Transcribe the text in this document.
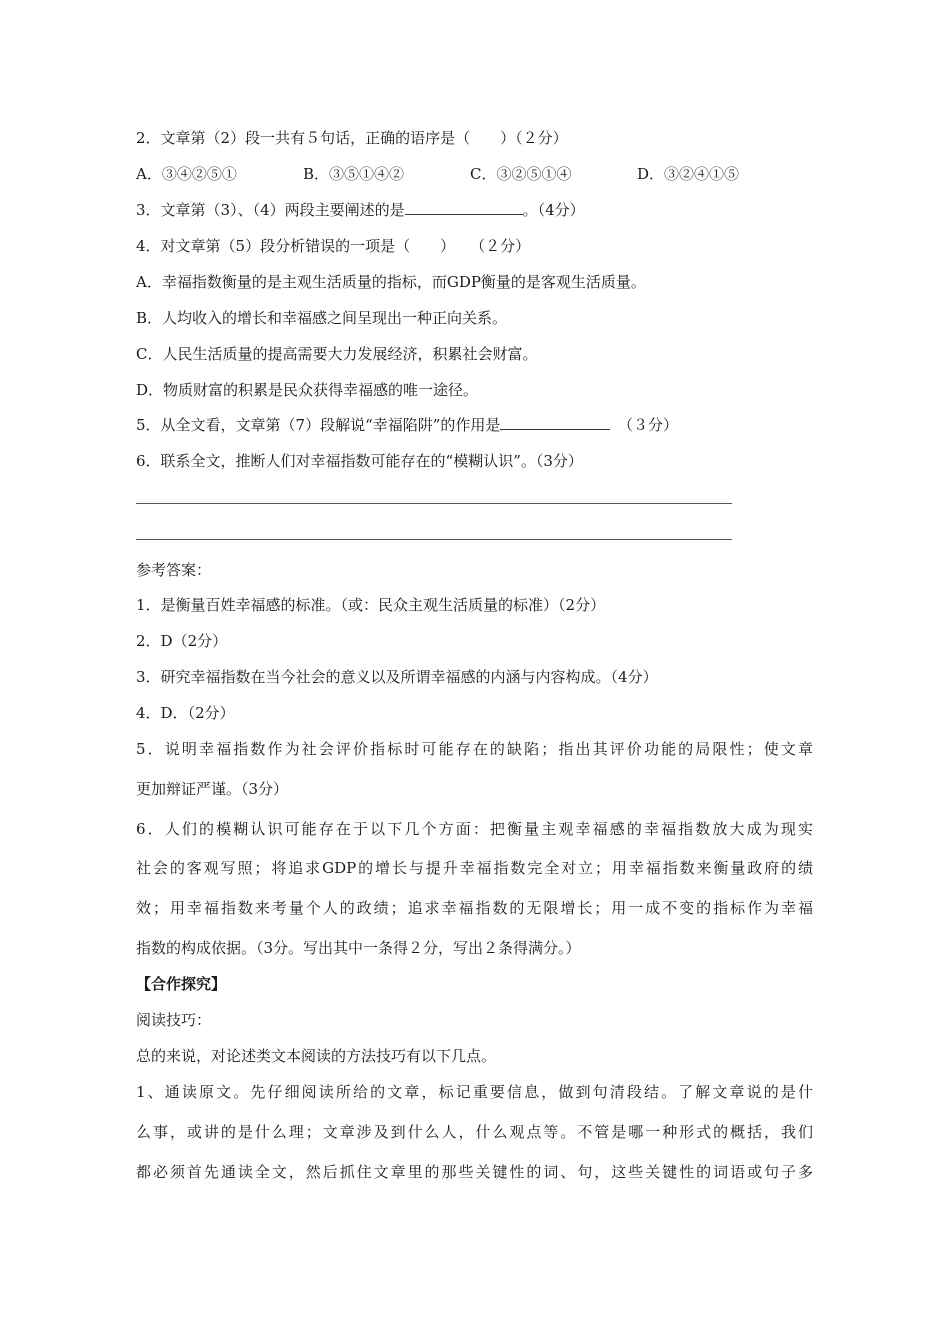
2．文章第（2）段一共有５句话，正确的语序是（　　）（２分）
A．③④②⑤①	B．③⑤①④②	C．③②⑤①④	D．③②④①⑤
3．文章第（3）、（4）两段主要阐述的是	。（4分）
4．对文章第（5）段分析错误的一项是（　　）　　（２分）
A．幸福指数衡量的是主观生活质量的指标，而GDP衡量的是客观生活质量。
B．人均收入的增长和幸福感之间呈现出一种正向关系。
C．人民生活质量的提高需要大力发展经济，积累社会财富。
D．物质财富的积累是民众获得幸福感的唯一途径。
5．从全文看，文章第（7）段解说“幸福陷阱”的作用是	　（３分）
6．联系全文，推断人们对幸福指数可能存在的“模糊认识”。（3分）
参考答案：
1．是衡量百姓幸福感的标准。（或：民众主观生活质量的标准）（2分）
2．D（2分）
3．研究幸福指数在当今社会的意义以及所谓幸福感的内涵与内容构成。（4分）
4．D．（2分）
5．说明幸福指数作为社会评价指标时可能存在的缺陷；指出其评价功能的局限性；使文章
更加辩证严谨。（3分）
6．人们的模糊认识可能存在于以下几个方面：把衡量主观幸福感的幸福指数放大成为现实
社会的客观写照；将追求GDP的增长与提升幸福指数完全对立；用幸福指数来衡量政府的绩
效；用幸福指数来考量个人的政绩；追求幸福指数的无限增长；用一成不变的指标作为幸福
指数的构成依据。（3分。写出其中一条得２分，写出２条得满分。）
【合作探究】
阅读技巧：
总的来说，对论述类文本阅读的方法技巧有以下几点。
1、通读原文。先仔细阅读所给的文章，标记重要信息，做到句清段结。了解文章说的是什
么事，或讲的是什么理；文章涉及到什么人，什么观点等。不管是哪一种形式的概括，我们
都必须首先通读全文，然后抓住文章里的那些关键性的词、句，这些关键性的词语或句子多
